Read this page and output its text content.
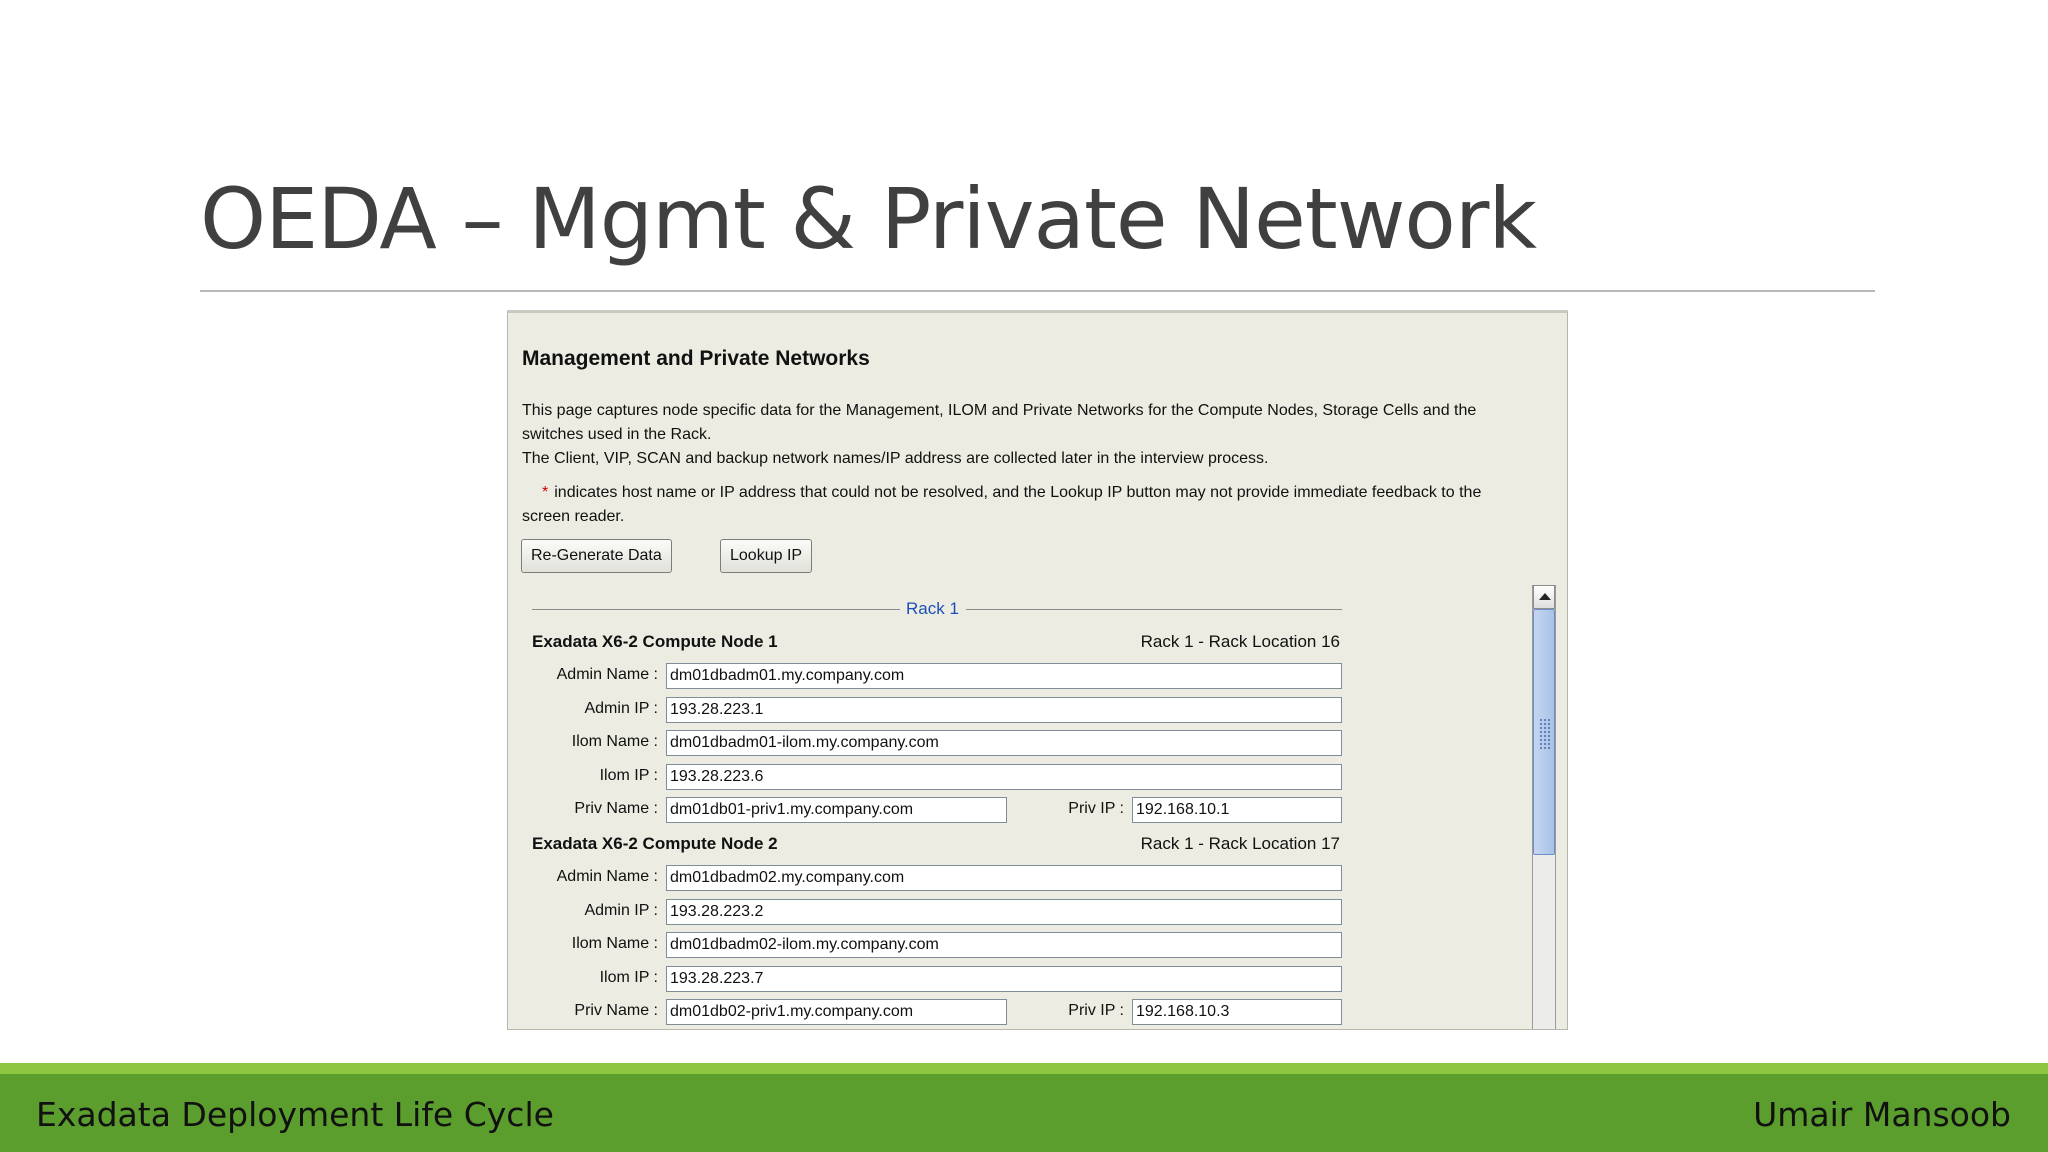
OEDA – Mgmt & Private Network
Management and Private Networks
This page captures node specific data for the Management, ILOM and Private Networks for the Compute Nodes, Storage Cells and the
switches used in the Rack.
The Client, VIP, SCAN and backup network names/IP address are collected later in the interview process.
* indicates host name or IP address that could not be resolved, and the Lookup IP button may not provide immediate feedback to the
screen reader.
Re-Generate Data	Lookup IP
Rack 1
Exadata X6-2 Compute Node 1	Rack 1 - Rack Location 16
Admin Name :
dm01dbadm01.my.company.com
Admin IP :
193.28.223.1
Ilom Name :
dm01dbadm01-ilom.my.company.com
Ilom IP :
193.28.223.6
Priv Name :
dm01db01-priv1.my.company.com	Priv IP :
192.168.10.1
Exadata X6-2 Compute Node 2	Rack 1 - Rack Location 17
Admin Name :
dm01dbadm02.my.company.com
Admin IP :
193.28.223.2
Ilom Name :
dm01dbadm02-ilom.my.company.com
Ilom IP :
193.28.223.7
Priv Name :
dm01db02-priv1.my.company.com	Priv IP :
192.168.10.3
Exadata Deployment Life Cycle	Umair Mansoob
